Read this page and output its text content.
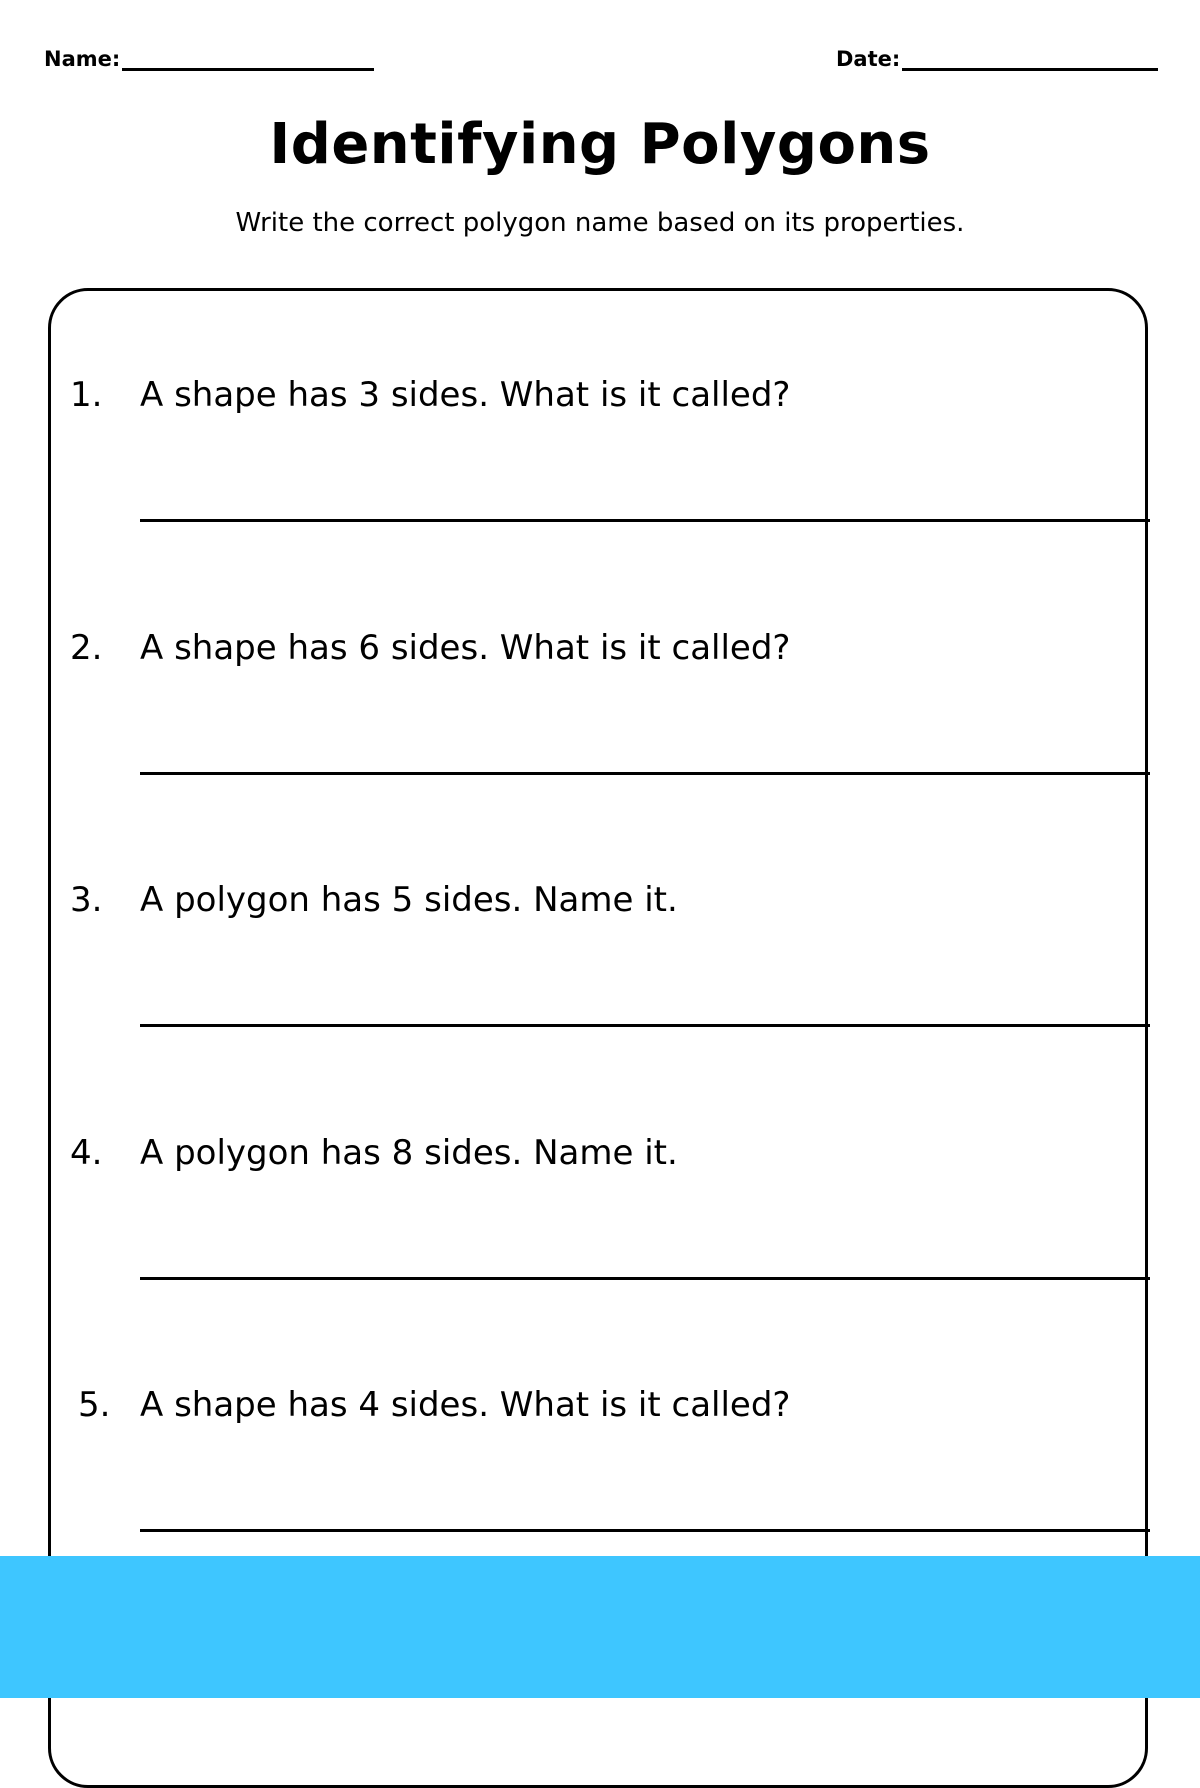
Name:	Date:
Identifying Polygons
Write the correct polygon name based on its properties.
1. A shape has 3 sides. What is it called?
2. A shape has 6 sides. What is it called?
3. A polygon has 5 sides. Name it.
4. A polygon has 8 sides. Name it.
5. A shape has 4 sides. What is it called?
